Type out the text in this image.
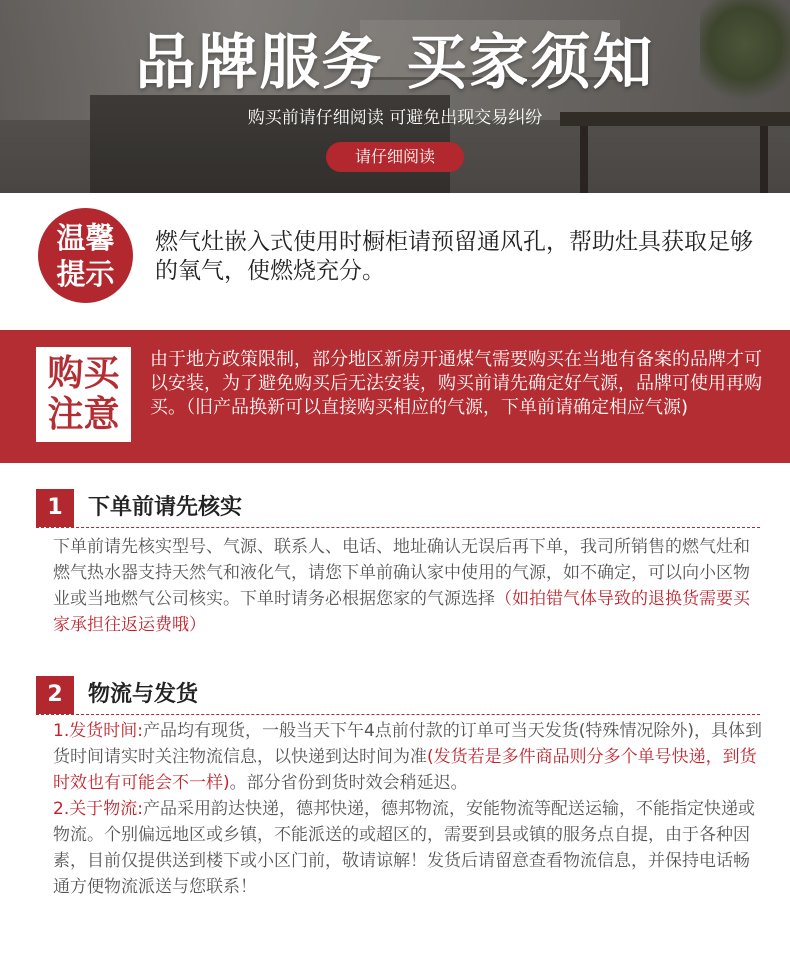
品牌服务 买家须知
购买前请仔细阅读 可避免出现交易纠纷
请仔细阅读
温馨
提示
燃气灶嵌入式使用时橱柜请预留通风孔，帮助灶具获取足够的氧气，使燃烧充分。
购买
注意
由于地方政策限制，部分地区新房开通煤气需要购买在当地有备案的品牌才可以安装，为了避免购买后无法安装，购买前请先确定好气源，品牌可使用再购买。（旧产品换新可以直接购买相应的气源，下单前请确定相应气源)
1	下单前请先核实
下单前请先核实型号、气源、联系人、电话、地址确认无误后再下单，我司所销售的燃气灶和燃气热水器支持天然气和液化气，请您下单前确认家中使用的气源，如不确定，可以向小区物业或当地燃气公司核实。下单时请务必根据您家的气源选择（如拍错气体导致的退换货需要买家承担往返运费哦）
2	物流与发货
1.发货时间:产品均有现货，一般当天下午4点前付款的订单可当天发货(特殊情况除外)，具体到货时间请实时关注物流信息，以快递到达时间为准(发货若是多件商品则分多个单号快递，到货时效也有可能会不一样)。部分省份到货时效会稍延迟。
2.关于物流:产品采用韵达快递，德邦快递，德邦物流，安能物流等配送运输，不能指定快递或物流。个别偏远地区或乡镇，不能派送的或超区的，需要到县或镇的服务点自提，由于各种因素，目前仅提供送到楼下或小区门前，敬请谅解！发货后请留意查看物流信息，并保持电话畅通方便物流派送与您联系！
